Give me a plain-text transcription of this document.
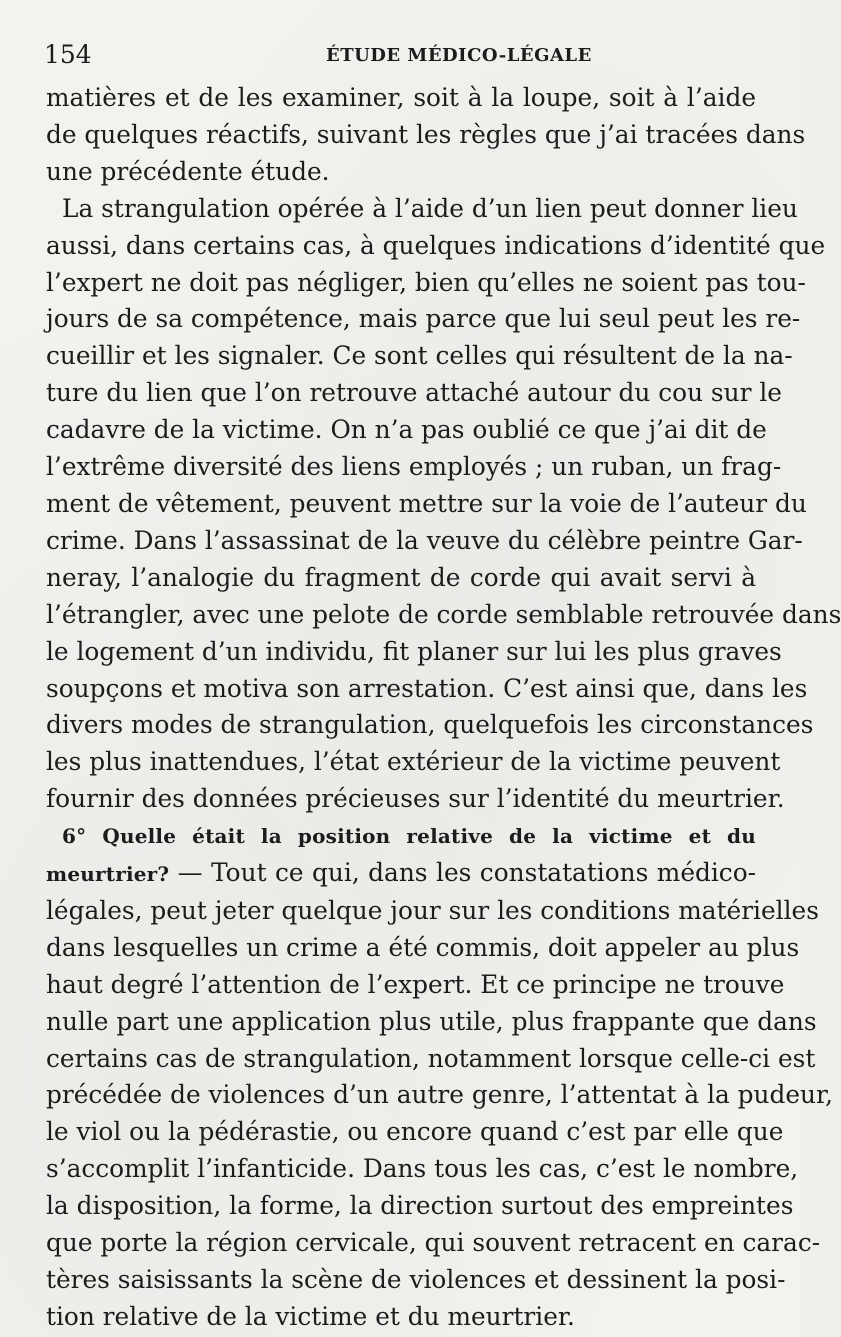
154	ÉTUDE MÉDICO-LÉGALE

matières et de les examiner, soit à la loupe, soit à l’aide
de quelques réactifs, suivant les règles que j’ai tracées dans
une précédente étude.

La strangulation opérée à l’aide d’un lien peut donner lieu
aussi, dans certains cas, à quelques indications d’identité que
l’expert ne doit pas négliger, bien qu’elles ne soient pas tou-
jours de sa compétence, mais parce que lui seul peut les re-
cueillir et les signaler. Ce sont celles qui résultent de la na-
ture du lien que l’on retrouve attaché autour du cou sur le
cadavre de la victime. On n’a pas oublié ce que j’ai dit de
l’extrême diversité des liens employés ; un ruban, un frag-
ment de vêtement, peuvent mettre sur la voie de l’auteur du
crime. Dans l’assassinat de la veuve du célèbre peintre Gar-
neray, l’analogie du fragment de corde qui avait servi à
l’étrangler, avec une pelote de corde semblable retrouvée dans
le logement d’un individu, fit planer sur lui les plus graves
soupçons et motiva son arrestation. C’est ainsi que, dans les
divers modes de strangulation, quelquefois les circonstances
les plus inattendues, l’état extérieur de la victime peuvent
fournir des données précieuses sur l’identité du meurtrier.

6° Quelle était la position relative de la victime et du
meurtrier? — Tout ce qui, dans les constatations médico-
légales, peut jeter quelque jour sur les conditions matérielles
dans lesquelles un crime a été commis, doit appeler au plus
haut degré l’attention de l’expert. Et ce principe ne trouve
nulle part une application plus utile, plus frappante que dans
certains cas de strangulation, notamment lorsque celle-ci est
précédée de violences d’un autre genre, l’attentat à la pudeur,
le viol ou la pédérastie, ou encore quand c’est par elle que
s’accomplit l’infanticide. Dans tous les cas, c’est le nombre,
la disposition, la forme, la direction surtout des empreintes
que porte la région cervicale, qui souvent retracent en carac-
tères saisissants la scène de violences et dessinent la posi-
tion relative de la victime et du meurtrier.
